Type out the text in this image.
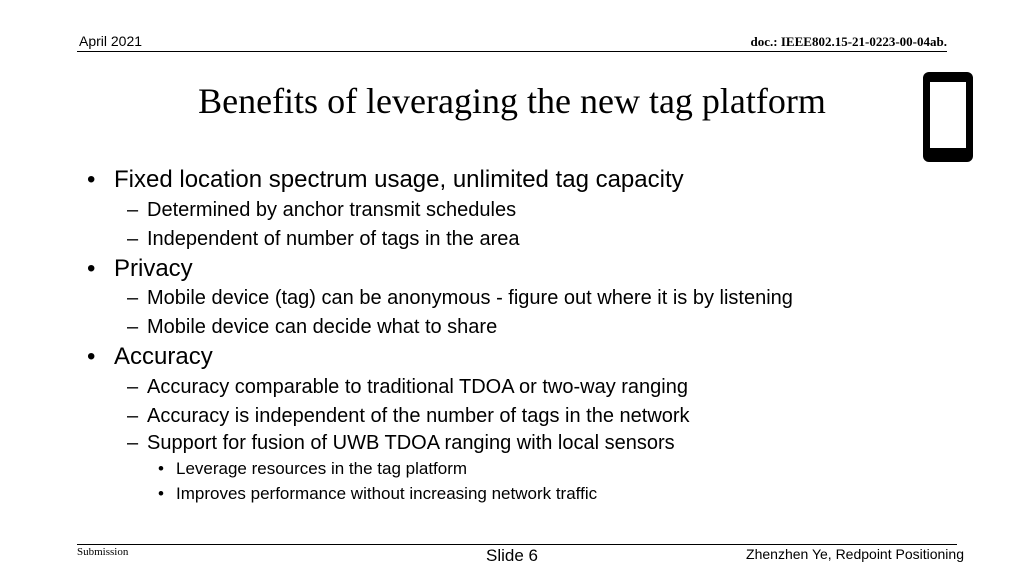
April 2021	doc.: IEEE802.15-21-0223-00-04ab.
Benefits of leveraging the new tag platform
• Fixed location spectrum usage, unlimited tag capacity
– Determined by anchor transmit schedules
– Independent of number of tags in the area
• Privacy
– Mobile device (tag) can be anonymous - figure out where it is by listening
– Mobile device can decide what to share
• Accuracy
– Accuracy comparable to traditional TDOA or two-way ranging
– Accuracy is independent of the number of tags in the network
– Support for fusion of UWB TDOA ranging with local sensors
• Leverage resources in the tag platform
• Improves performance without increasing network traffic
Submission	Slide 6	Zhenzhen Ye, Redpoint Positioning
